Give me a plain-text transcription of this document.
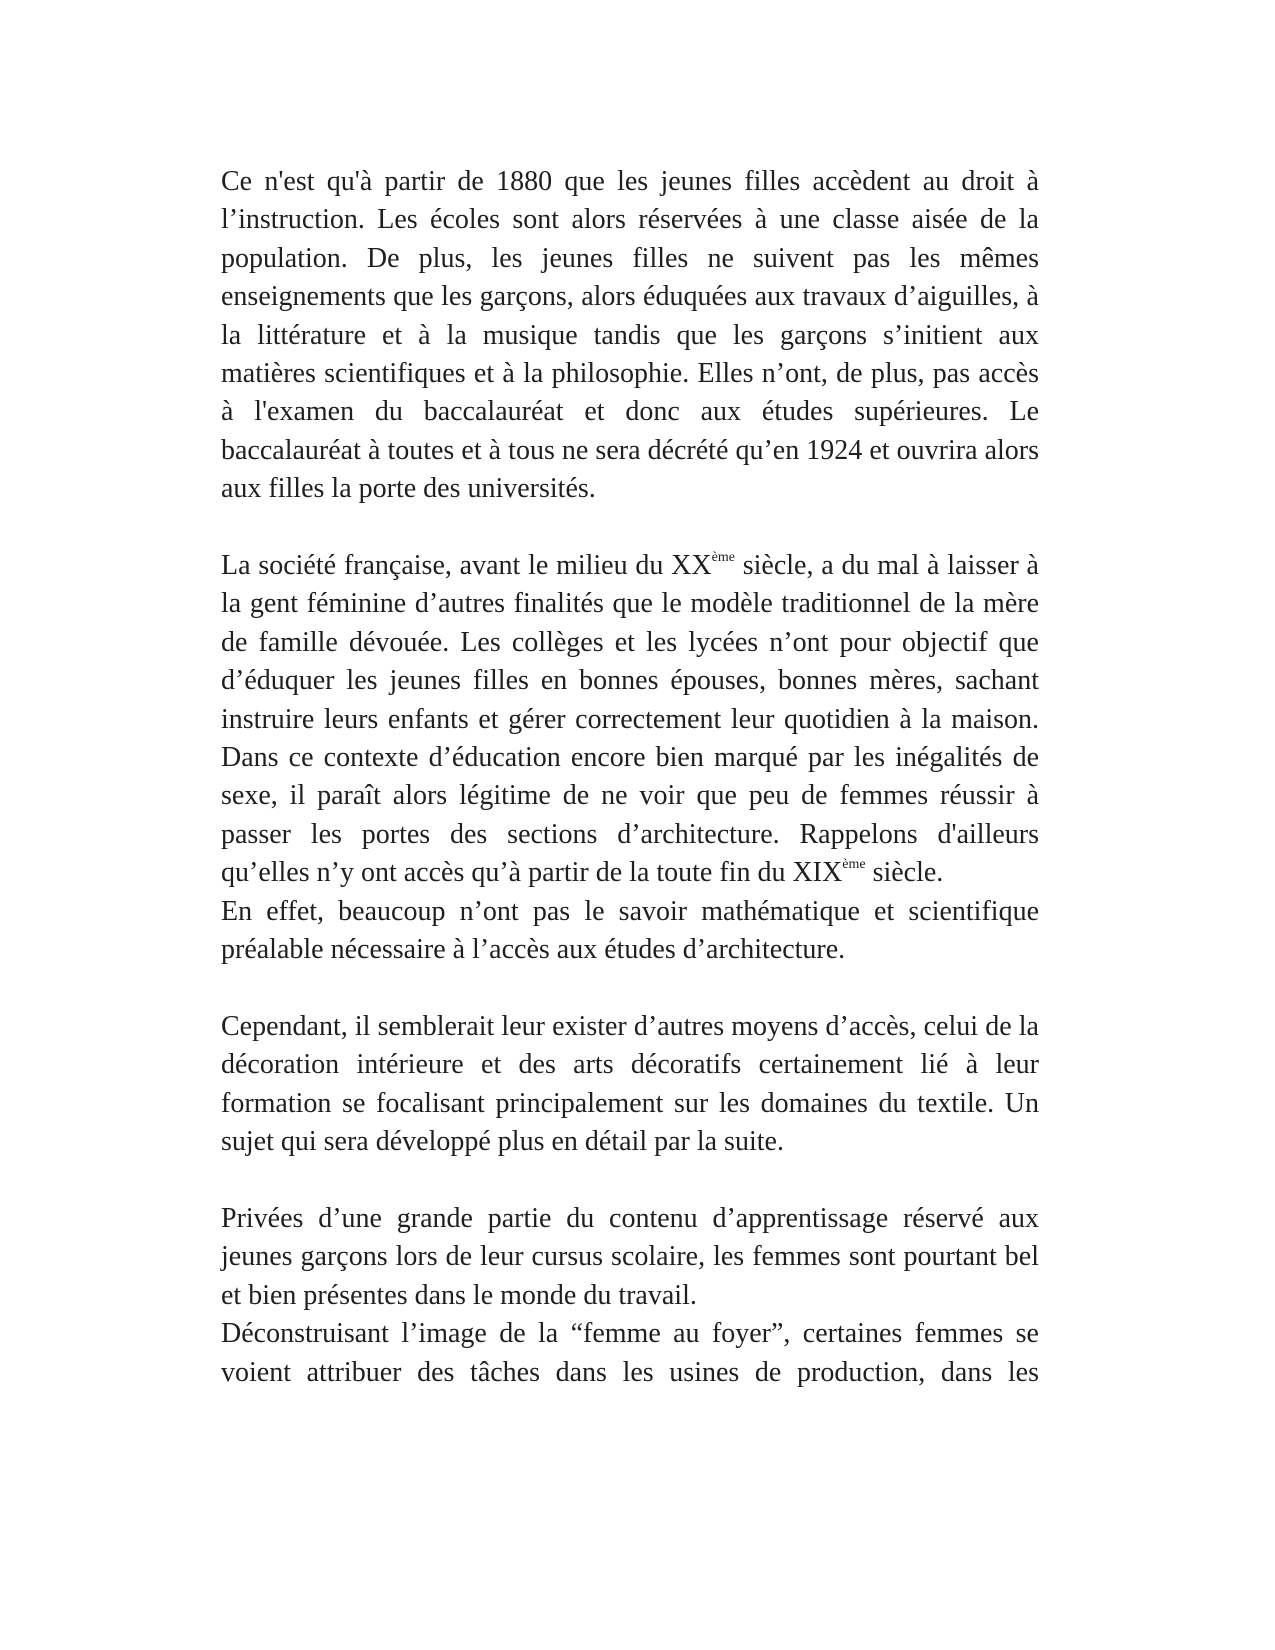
Ce n'est qu'à partir de 1880 que les jeunes filles accèdent au droit à l’instruction. Les écoles sont alors réservées à une classe aisée de la population. De plus, les jeunes filles ne suivent pas les mêmes enseignements que les garçons, alors éduquées aux travaux d’aiguilles, à la littérature et à la musique tandis que les garçons s’initient aux matières scientifiques et à la philosophie. Elles n’ont, de plus, pas accès à l'examen du baccalauréat et donc aux études supérieures. Le baccalauréat à toutes et à tous ne sera décrété qu’en 1924 et ouvrira alors aux filles la porte des universités.

La société française, avant le milieu du XXème siècle, a du mal à laisser à la gent féminine d’autres finalités que le modèle traditionnel de la mère de famille dévouée. Les collèges et les lycées n’ont pour objectif que d’éduquer les jeunes filles en bonnes épouses, bonnes mères, sachant instruire leurs enfants et gérer correctement leur quotidien à la maison. Dans ce contexte d’éducation encore bien marqué par les inégalités de sexe, il paraît alors légitime de ne voir que peu de femmes réussir à passer les portes des sections d’architecture. Rappelons d'ailleurs qu’elles n’y ont accès qu’à partir de la toute fin du XIXème siècle.

En effet, beaucoup n’ont pas le savoir mathématique et scientifique préalable nécessaire à l’accès aux études d’architecture.

Cependant, il semblerait leur exister d’autres moyens d’accès, celui de la décoration intérieure et des arts décoratifs certainement lié à leur formation se focalisant principalement sur les domaines du textile. Un sujet qui sera développé plus en détail par la suite.

Privées d’une grande partie du contenu d’apprentissage réservé aux jeunes garçons lors de leur cursus scolaire, les femmes sont pourtant bel et bien présentes dans le monde du travail.

Déconstruisant l’image de la “femme au foyer”, certaines femmes se voient attribuer des tâches dans les usines de production, dans les
